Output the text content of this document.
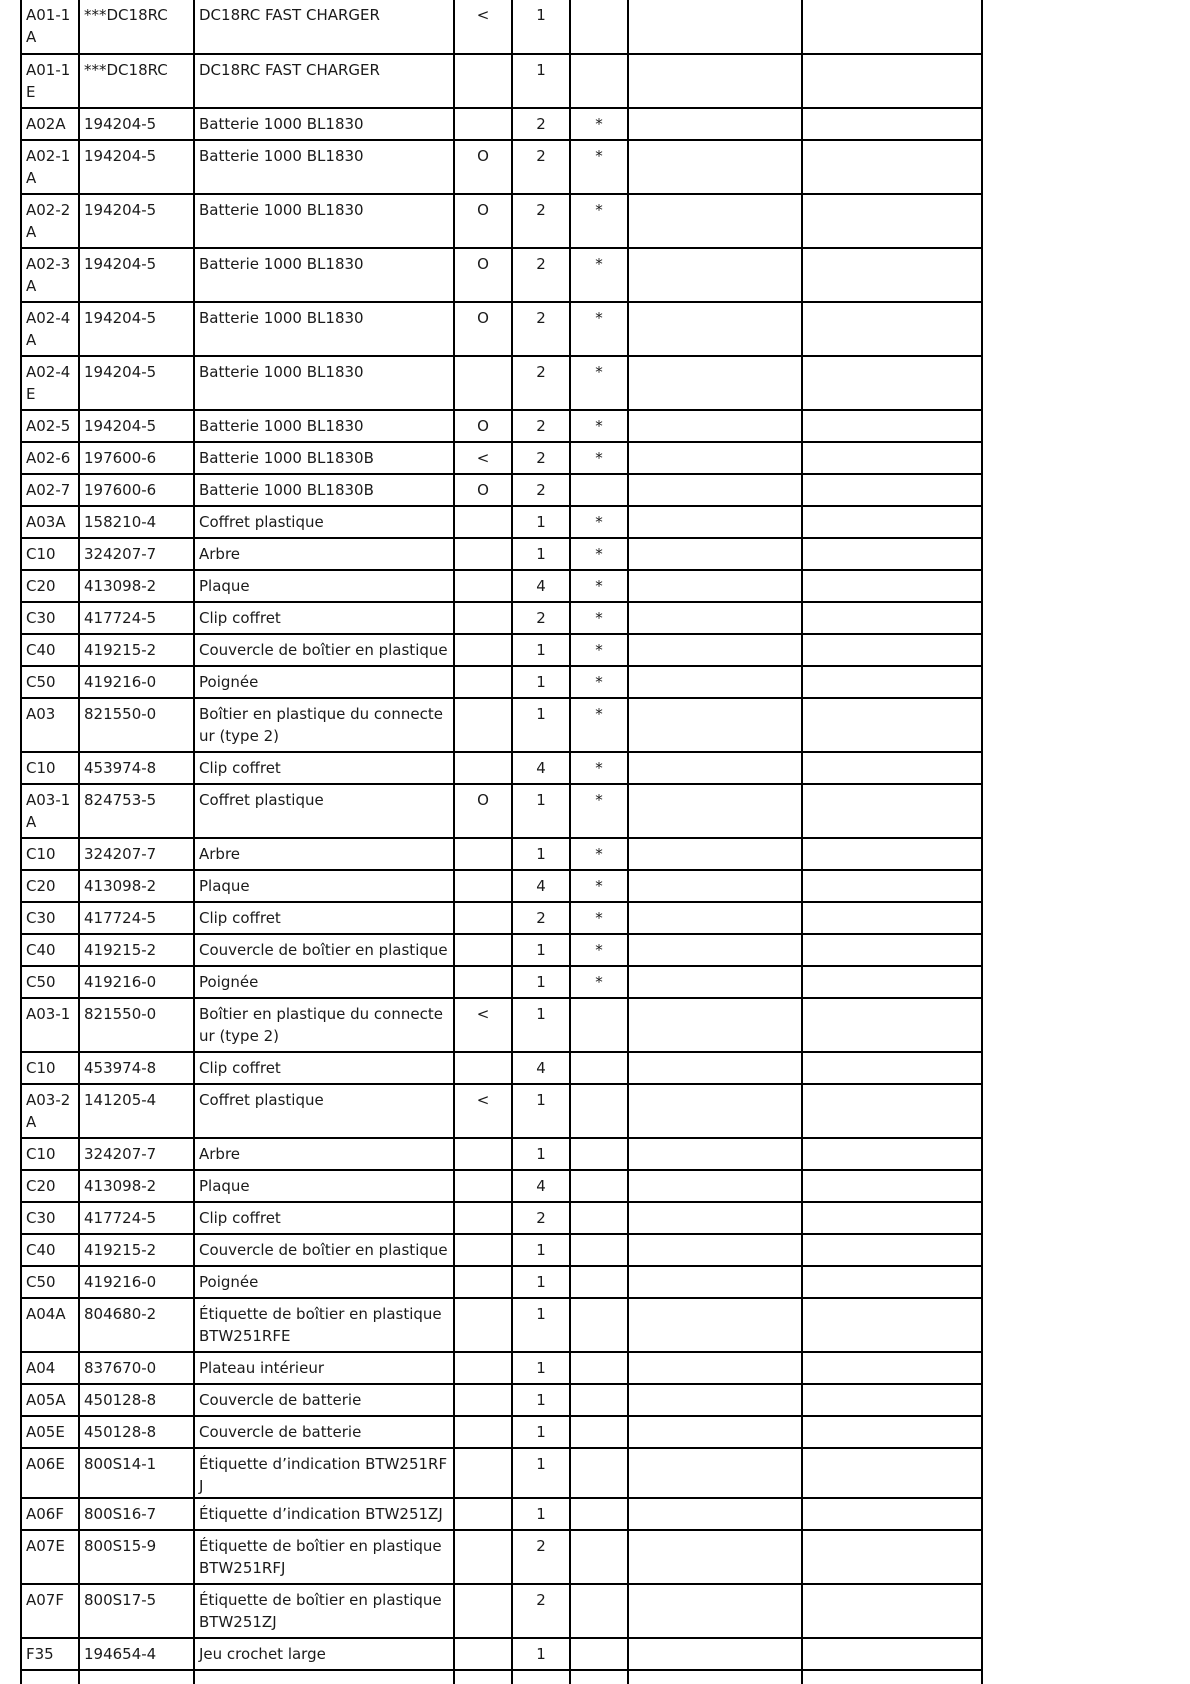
A01-1 A	***DC18RC	DC18RC FAST CHARGER	<	1			
A01-1 E	***DC18RC	DC18RC FAST CHARGER		1			
A02A	194204-5	Batterie 1000 BL1830		2	*		
A02-1 A	194204-5	Batterie 1000 BL1830	O	2	*		
A02-2 A	194204-5	Batterie 1000 BL1830	O	2	*		
A02-3 A	194204-5	Batterie 1000 BL1830	O	2	*		
A02-4 A	194204-5	Batterie 1000 BL1830	O	2	*		
A02-4 E	194204-5	Batterie 1000 BL1830		2	*		
A02-5	194204-5	Batterie 1000 BL1830	O	2	*		
A02-6	197600-6	Batterie 1000 BL1830B	<	2	*		
A02-7	197600-6	Batterie 1000 BL1830B	O	2			
A03A	158210-4	Coffret plastique		1	*		
C10	324207-7	Arbre		1	*		
C20	413098-2	Plaque		4	*		
C30	417724-5	Clip coffret		2	*		
C40	419215-2	Couvercle de boîtier en plastique		1	*		
C50	419216-0	Poignée		1	*		
A03	821550-0	Boîtier en plastique du connecte ur (type 2)		1	*		
C10	453974-8	Clip coffret		4	*		
A03-1 A	824753-5	Coffret plastique	O	1	*		
C10	324207-7	Arbre		1	*		
C20	413098-2	Plaque		4	*		
C30	417724-5	Clip coffret		2	*		
C40	419215-2	Couvercle de boîtier en plastique		1	*		
C50	419216-0	Poignée		1	*		
A03-1	821550-0	Boîtier en plastique du connecte ur (type 2)	<	1			
C10	453974-8	Clip coffret		4			
A03-2 A	141205-4	Coffret plastique	<	1			
C10	324207-7	Arbre		1			
C20	413098-2	Plaque		4			
C30	417724-5	Clip coffret		2			
C40	419215-2	Couvercle de boîtier en plastique		1			
C50	419216-0	Poignée		1			
A04A	804680-2	Étiquette de boîtier en plastique BTW251RFE		1			
A04	837670-0	Plateau intérieur		1			
A05A	450128-8	Couvercle de batterie		1			
A05E	450128-8	Couvercle de batterie		1			
A06E	800S14-1	Étiquette d’indication BTW251RFJ		1			
A06F	800S16-7	Étiquette d’indication BTW251ZJ		1			
A07E	800S15-9	Étiquette de boîtier en plastique BTW251RFJ		2			
A07F	800S17-5	Étiquette de boîtier en plastique BTW251ZJ		2			
F35	194654-4	Jeu crochet large		1			
